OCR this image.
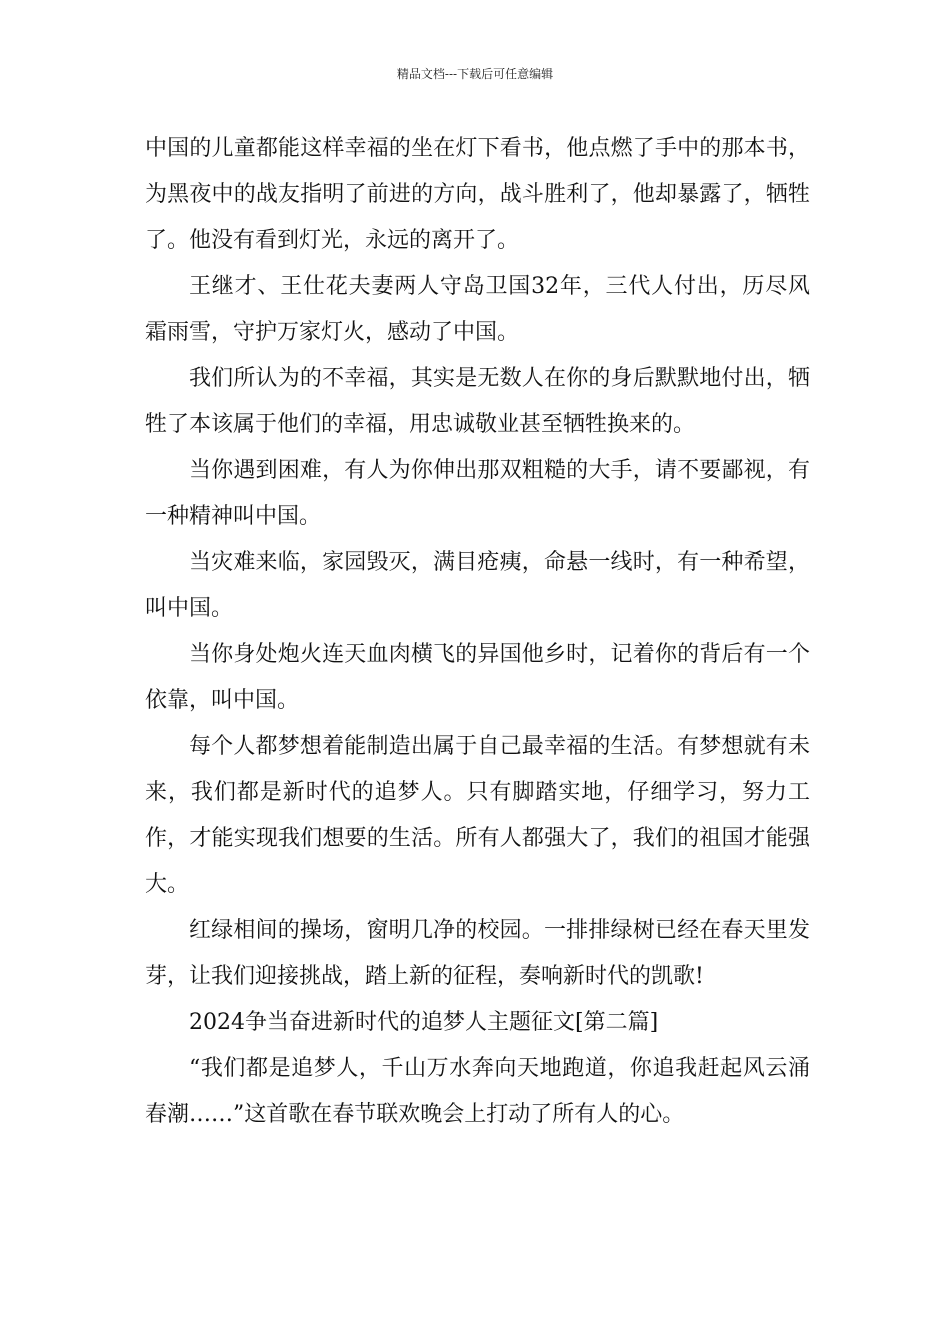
精品文档---下载后可任意编辑

中国的儿童都能这样幸福的坐在灯下看书，他点燃了手中的那本书，为黑夜中的战友指明了前进的方向，战斗胜利了，他却暴露了，牺牲了。他没有看到灯光，永远的离开了。

王继才、王仕花夫妻两人守岛卫国32年，三代人付出，历尽风霜雨雪，守护万家灯火，感动了中国。

我们所认为的不幸福，其实是无数人在你的身后默默地付出，牺牲了本该属于他们的幸福，用忠诚敬业甚至牺牲换来的。

当你遇到困难，有人为你伸出那双粗糙的大手，请不要鄙视，有一种精神叫中国。

当灾难来临，家园毁灭，满目疮痍，命悬一线时，有一种希望，叫中国。

当你身处炮火连天血肉横飞的异国他乡时，记着你的背后有一个依靠，叫中国。

每个人都梦想着能制造出属于自己最幸福的生活。有梦想就有未来，我们都是新时代的追梦人。只有脚踏实地，仔细学习，努力工作，才能实现我们想要的生活。所有人都强大了，我们的祖国才能强大。

红绿相间的操场，窗明几净的校园。一排排绿树已经在春天里发芽，让我们迎接挑战，踏上新的征程，奏响新时代的凯歌!

2024争当奋进新时代的追梦人主题征文[第二篇]

“我们都是追梦人，千山万水奔向天地跑道，你追我赶起风云涌春潮……”这首歌在春节联欢晚会上打动了所有人的心。
